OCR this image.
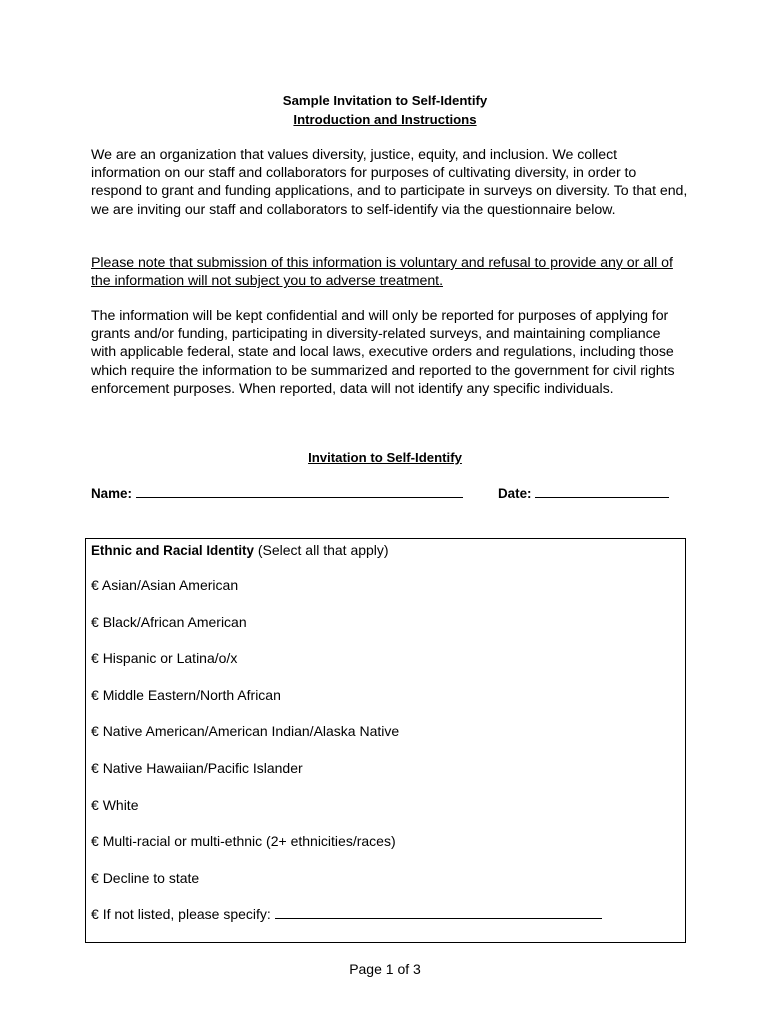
Sample Invitation to Self-Identify
Introduction and Instructions
We are an organization that values diversity, justice, equity, and inclusion. We collect information on our staff and collaborators for purposes of cultivating diversity, in order to respond to grant and funding applications, and to participate in surveys on diversity. To that end, we are inviting our staff and collaborators to self-identify via the questionnaire below.
Please note that submission of this information is voluntary and refusal to provide any or all of the information will not subject you to adverse treatment.
The information will be kept confidential and will only be reported for purposes of applying for grants and/or funding, participating in diversity-related surveys, and maintaining compliance with applicable federal, state and local laws, executive orders and regulations, including those which require the information to be summarized and reported to the government for civil rights enforcement purposes. When reported, data will not identify any specific individuals.
Invitation to Self-Identify
Name:	Date:
Ethnic and Racial Identity (Select all that apply)
€ Asian/Asian American
€ Black/African American
€ Hispanic or Latina/o/x
€ Middle Eastern/North African
€ Native American/American Indian/Alaska Native
€ Native Hawaiian/Pacific Islander
€ White
€ Multi-racial or multi-ethnic (2+ ethnicities/races)
€ Decline to state
€ If not listed, please specify:
Page 1 of 3
